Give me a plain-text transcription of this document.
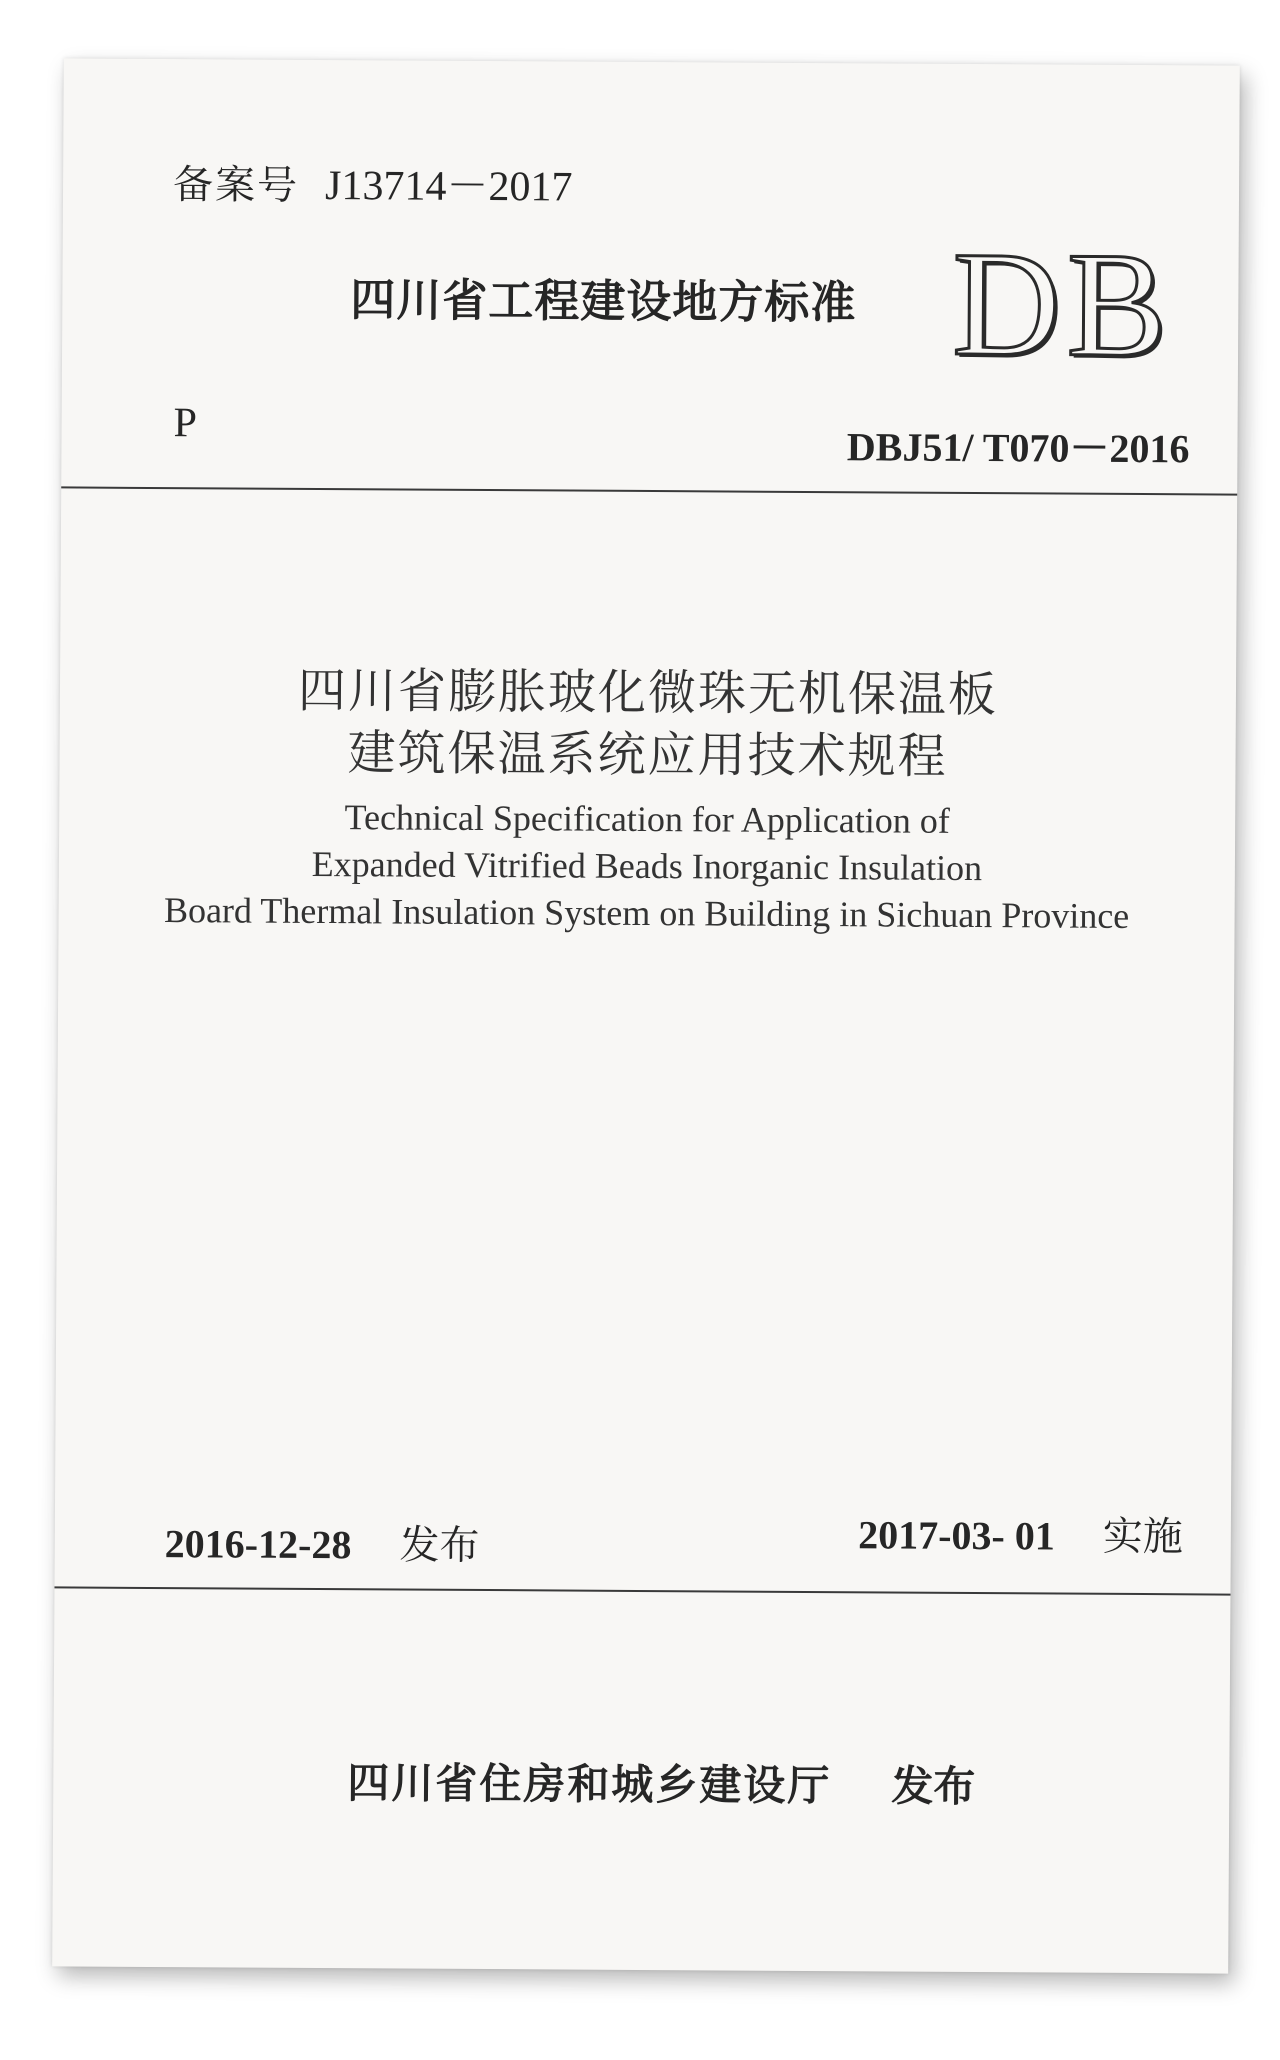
备案号 J13714－2017
四川省工程建设地方标准 DB
P
DBJ51/ T070－2016
四川省膨胀玻化微珠无机保温板
建筑保温系统应用技术规程
Technical Specification for Application of
Expanded Vitrified Beads Inorganic Insulation
Board Thermal Insulation System on Building in Sichuan Province
2016-12-28 发布	2017-03- 01 实施
四川省住房和城乡建设厅 发布
